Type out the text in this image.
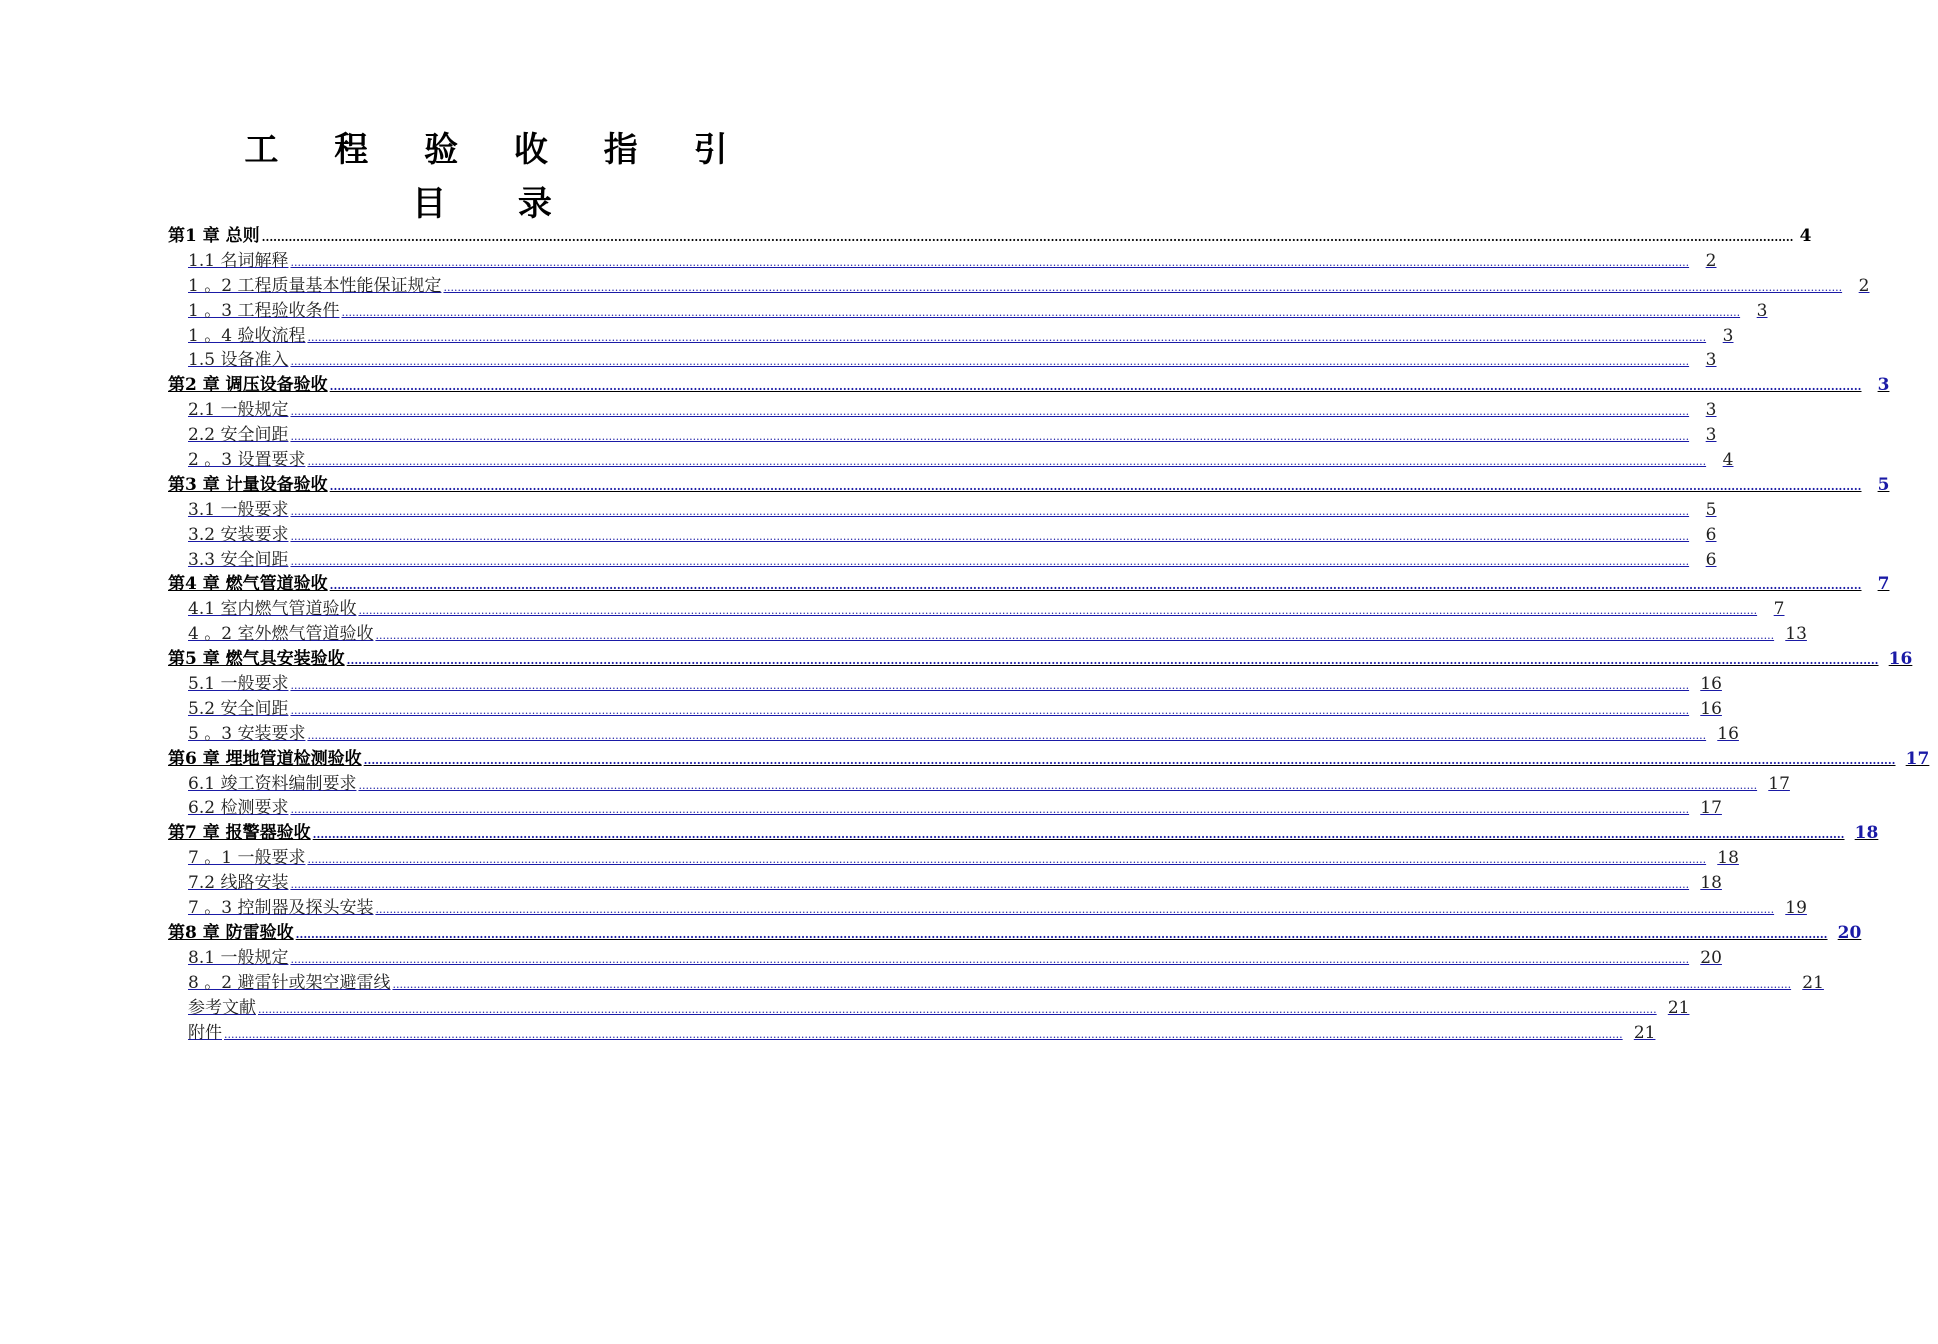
工 程 验 收 指 引
目 录
第1 章 总则 ................................................................................................................................................................................................................................................................................................................................................................................................................ 4
1.1 名词解释 ................................................................................................................................................................................................................................................................................................................................................................................................................ 2
1 。2 工程质量基本性能保证规定 ................................................................................................................................................................................................................................................................................................................................................................................................................ 2
1 。3 工程验收条件 ................................................................................................................................................................................................................................................................................................................................................................................................................ 3
1 。4 验收流程 ................................................................................................................................................................................................................................................................................................................................................................................................................ 3
1.5 设备准入 ................................................................................................................................................................................................................................................................................................................................................................................................................ 3
第2 章 调压设备验收 ................................................................................................................................................................................................................................................................................................................................................................................................................ 3
2.1 一般规定 ................................................................................................................................................................................................................................................................................................................................................................................................................ 3
2.2 安全间距 ................................................................................................................................................................................................................................................................................................................................................................................................................ 3
2 。3 设置要求 ................................................................................................................................................................................................................................................................................................................................................................................................................ 4
第3 章 计量设备验收 ................................................................................................................................................................................................................................................................................................................................................................................................................ 5
3.1 一般要求 ................................................................................................................................................................................................................................................................................................................................................................................................................ 5
3.2 安装要求 ................................................................................................................................................................................................................................................................................................................................................................................................................ 6
3.3 安全间距 ................................................................................................................................................................................................................................................................................................................................................................................................................ 6
第4 章 燃气管道验收 ................................................................................................................................................................................................................................................................................................................................................................................................................ 7
4.1 室内燃气管道验收 ................................................................................................................................................................................................................................................................................................................................................................................................................ 7
4 。2 室外燃气管道验收 ................................................................................................................................................................................................................................................................................................................................................................................................................ 13
第5 章 燃气具安装验收 ................................................................................................................................................................................................................................................................................................................................................................................................................ 16
5.1 一般要求 ................................................................................................................................................................................................................................................................................................................................................................................................................ 16
5.2 安全间距 ................................................................................................................................................................................................................................................................................................................................................................................................................ 16
5 。3 安装要求 ................................................................................................................................................................................................................................................................................................................................................................................................................ 16
第6 章 埋地管道检测验收 ................................................................................................................................................................................................................................................................................................................................................................................................................ 17
6.1 竣工资料编制要求 ................................................................................................................................................................................................................................................................................................................................................................................................................ 17
6.2 检测要求 ................................................................................................................................................................................................................................................................................................................................................................................................................ 17
第7 章 报警器验收 ................................................................................................................................................................................................................................................................................................................................................................................................................ 18
7 。1 一般要求 ................................................................................................................................................................................................................................................................................................................................................................................................................ 18
7.2 线路安装 ................................................................................................................................................................................................................................................................................................................................................................................................................ 18
7 。3 控制器及探头安装 ................................................................................................................................................................................................................................................................................................................................................................................................................ 19
第8 章 防雷验收 ................................................................................................................................................................................................................................................................................................................................................................................................................ 20
8.1 一般规定 ................................................................................................................................................................................................................................................................................................................................................................................................................ 20
8 。2 避雷针或架空避雷线 ................................................................................................................................................................................................................................................................................................................................................................................................................ 21
参考文献 ................................................................................................................................................................................................................................................................................................................................................................................................................ 21
附件 ................................................................................................................................................................................................................................................................................................................................................................................................................ 21
